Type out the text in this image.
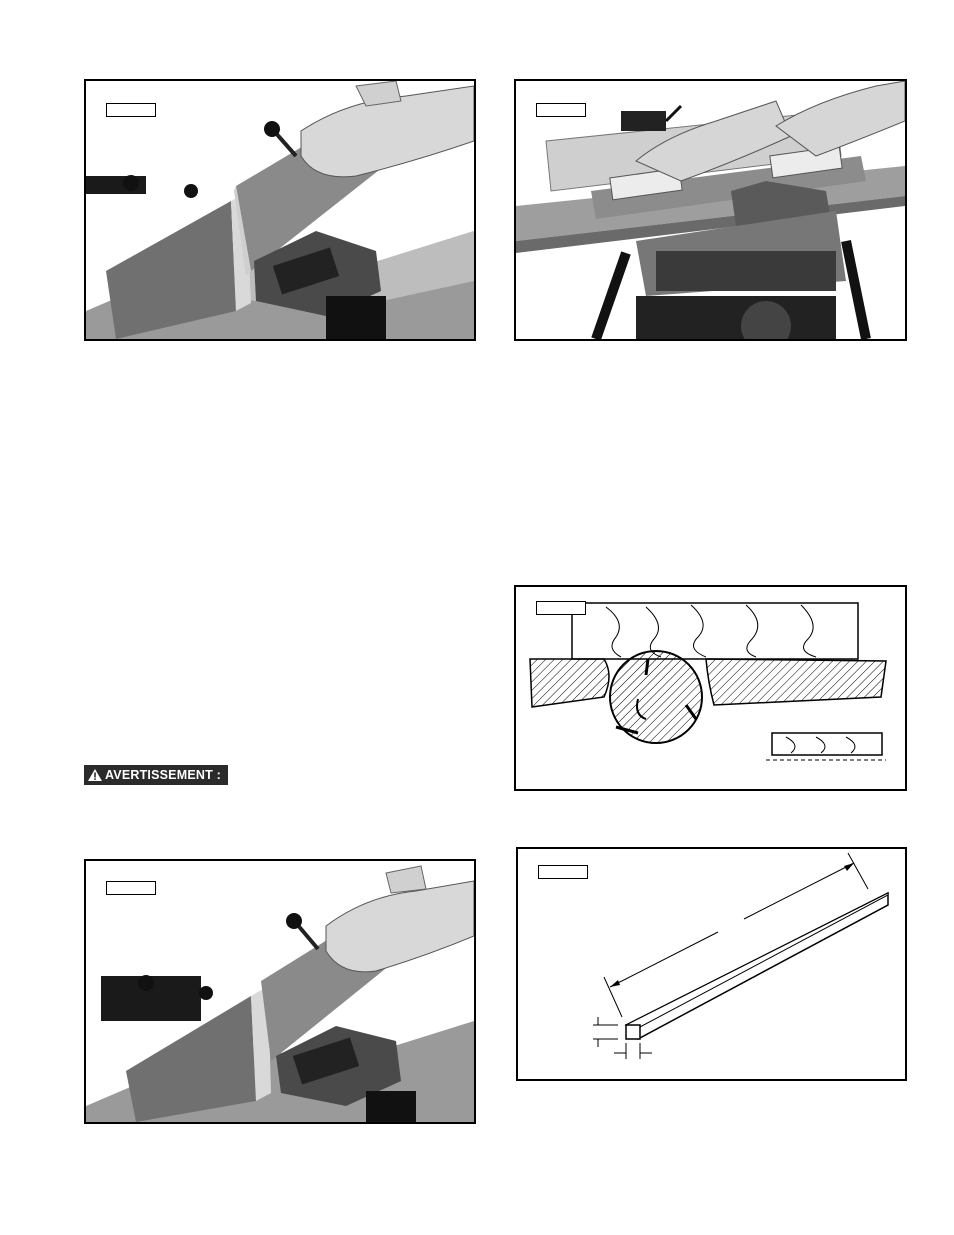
AVERTISSEMENT :
